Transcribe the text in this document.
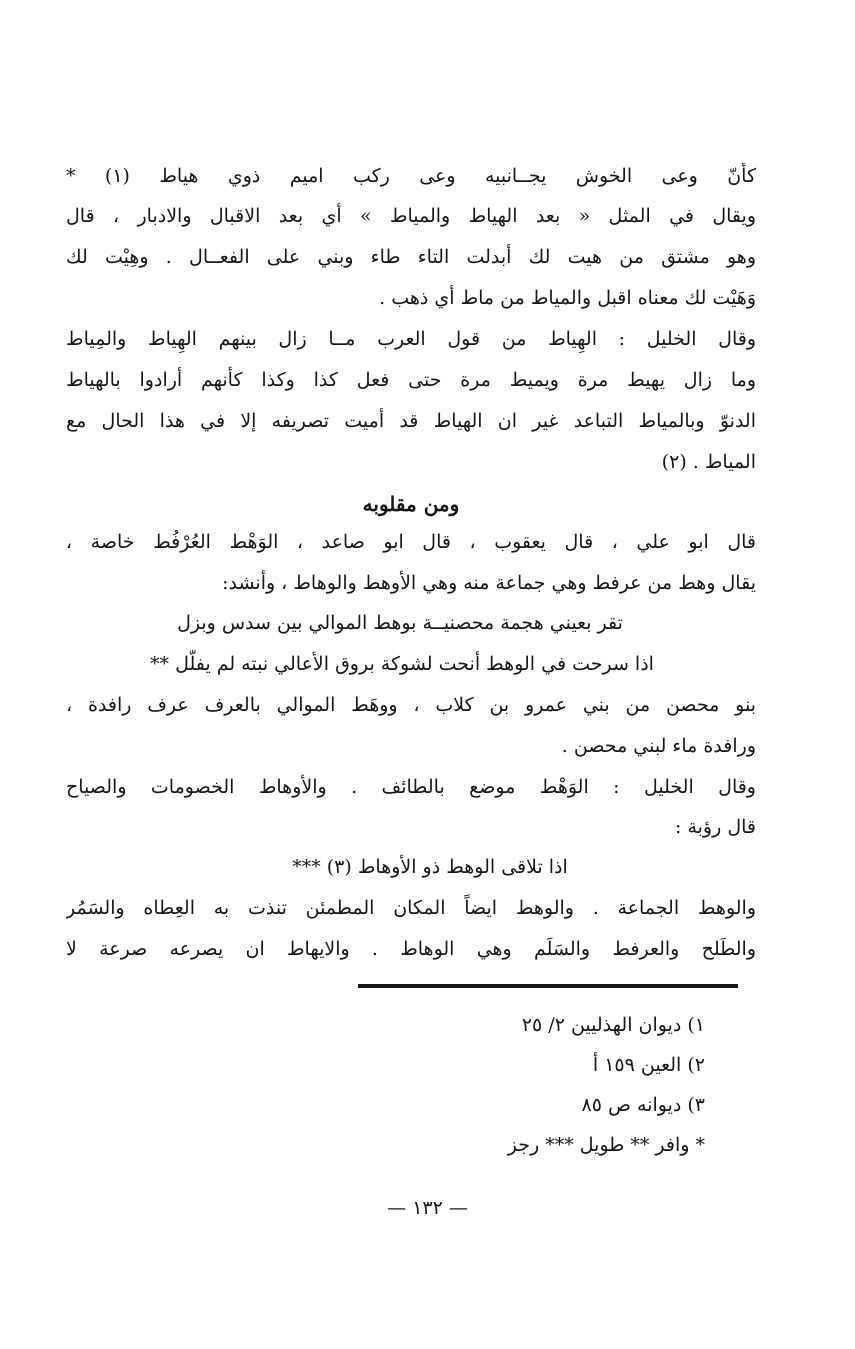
كأنّ وعى الخوش يجــانبيه وعى ركب اميم ذوي هياط (١) *
ويقال في المثل « بعد الهياط والمياط » أي بعد الاقبال والادبار ، قال
وهو مشتق من هيت لك أبدلت التاء طاء وبني على الفعــال . وهِيْت لك
وَهَيْت لك معناه اقبل والمياط من ماط أي ذهب .
وقال الخليل : الهِياط من قول العرب مــا زال بينهم الهِياط والمِياط
وما زال يهيط مرة ويميط مرة حتى فعل كذا وكذا كأنهم أرادوا بالهياط
الدنوّ وبالمياط التباعد غير ان الهياط قد أميت تصريفه إلا في هذا الحال مع
المياط . (٢)
ومن مقلوبه
قال ابو علي ، قال يعقوب ، قال ابو صاعد ، الوَهْط العُرْفُط خاصة ،
يقال وهط من عرفط وهي جماعة منه وهي الأوهط والوهاط ، وأنشد:
تقر بعيني هجمة محصنيــة بوهط الموالي بين سدس وبزل
اذا سرحت في الوهط أنحت لشوكة بروق الأعالي نبته لم يفلّل **
بنو محصن من بني عمرو بن كلاب ، ووهَط الموالي بالعرف عرف رافدة ،
ورافدة ماء لبني محصن .
وقال الخليل : الوَهْط موضع بالطائف . والأوهاط الخصومات والصياح
قال رؤبة :
اذا تلاقى الوهط ذو الأوهاط (٣) ***
والوهط الجماعة . والوهط ايضاً المكان المطمئن تنذت به العِطاه والسَمُر
والطَلح والعرفط والسَلَم وهي الوهاط . والايهاط ان يصرعه صرعة لا
١) ديوان الهذليين ٢/ ٢٥
٢) العين ١٥٩ أ
٣) ديوانه ص ٨٥
* وافر ** طويل *** رجز
— ١٣٢ —
